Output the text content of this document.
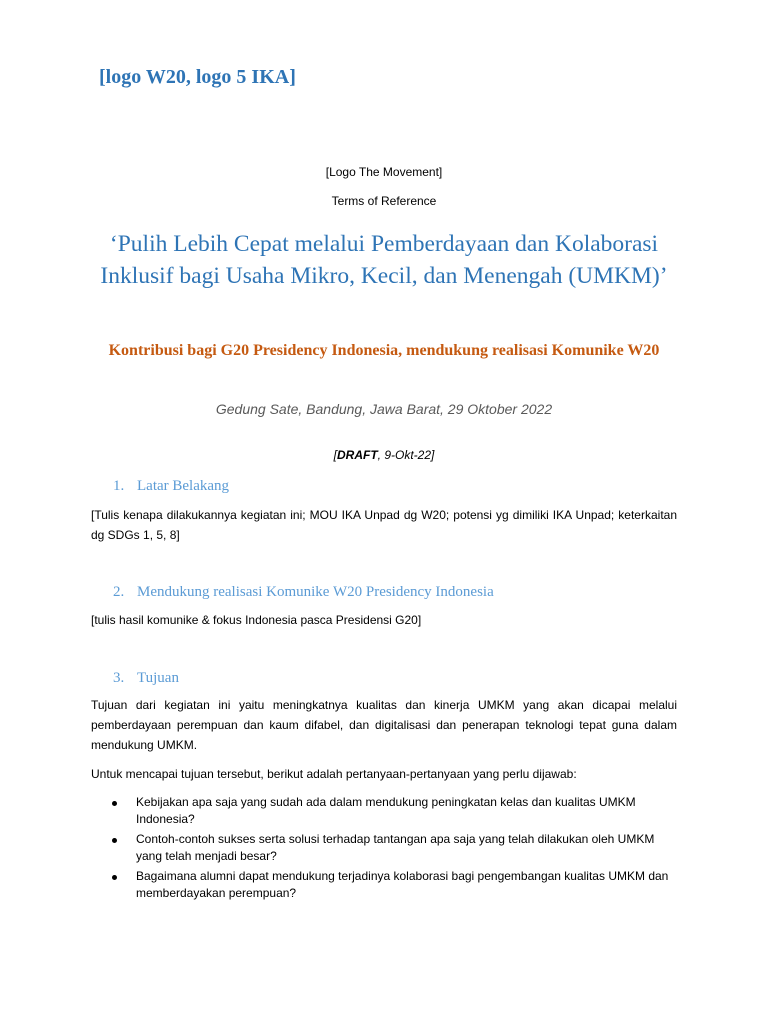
[logo W20, logo 5 IKA]
[Logo The Movement]
Terms of Reference
‘Pulih Lebih Cepat melalui Pemberdayaan dan Kolaborasi Inklusif bagi Usaha Mikro, Kecil, dan Menengah (UMKM)’
Kontribusi bagi G20 Presidency Indonesia, mendukung realisasi Komunike W20
Gedung Sate, Bandung, Jawa Barat, 29 Oktober 2022
[DRAFT, 9-Okt-22]
1. Latar Belakang
[Tulis kenapa dilakukannya kegiatan ini; MOU IKA Unpad dg W20; potensi yg dimiliki IKA Unpad; keterkaitan dg SDGs 1, 5, 8]
2. Mendukung realisasi Komunike W20 Presidency Indonesia
[tulis hasil komunike & fokus Indonesia pasca Presidensi G20]
3. Tujuan
Tujuan dari kegiatan ini yaitu meningkatnya kualitas dan kinerja UMKM yang akan dicapai melalui pemberdayaan perempuan dan kaum difabel, dan digitalisasi dan penerapan teknologi tepat guna dalam mendukung UMKM.
Untuk mencapai tujuan tersebut, berikut adalah pertanyaan-pertanyaan yang perlu dijawab:
Kebijakan apa saja yang sudah ada dalam mendukung peningkatan kelas dan kualitas UMKM Indonesia?
Contoh-contoh sukses serta solusi terhadap tantangan apa saja yang telah dilakukan oleh UMKM yang telah menjadi besar?
Bagaimana alumni dapat mendukung terjadinya kolaborasi bagi pengembangan kualitas UMKM dan memberdayakan perempuan?
